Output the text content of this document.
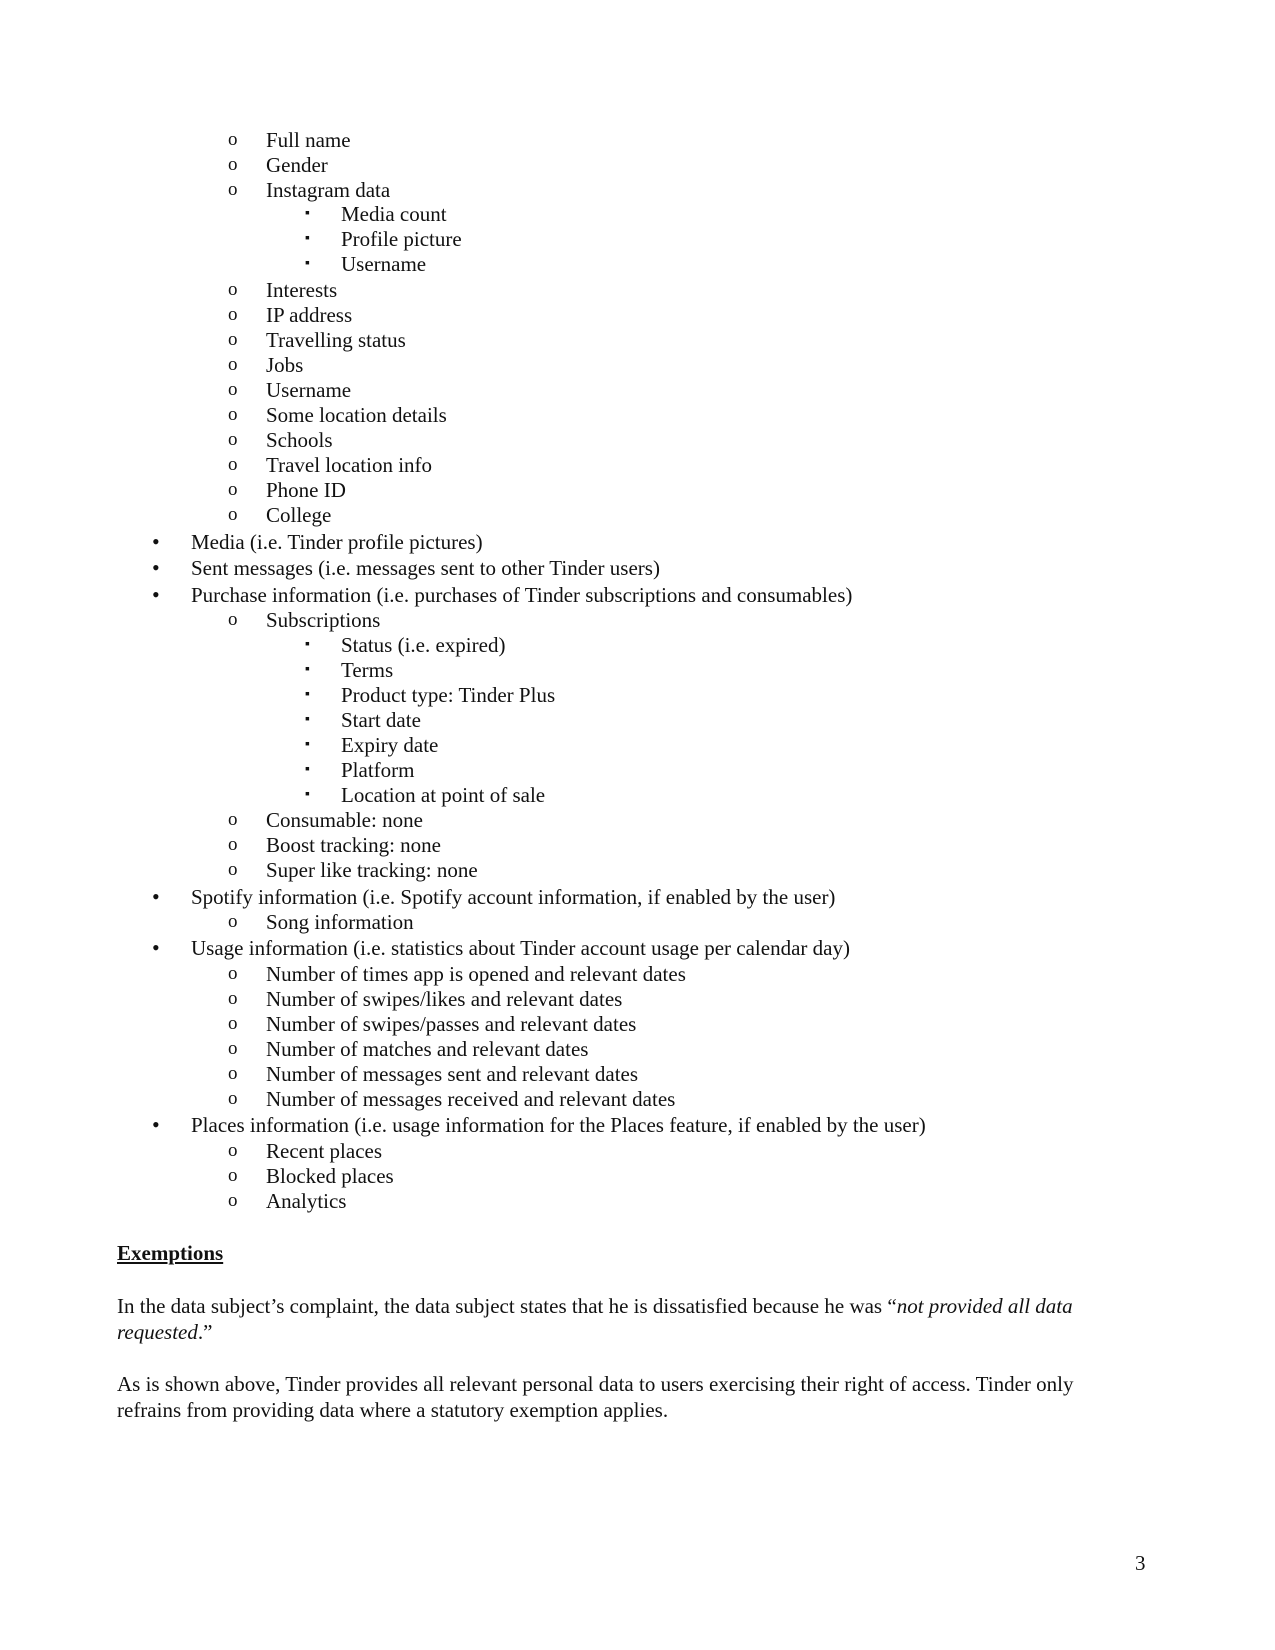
o Full name
o Gender
o Instagram data
▪ Media count
▪ Profile picture
▪ Username
o Interests
o IP address
o Travelling status
o Jobs
o Username
o Some location details
o Schools
o Travel location info
o Phone ID
o College
• Media (i.e. Tinder profile pictures)
• Sent messages (i.e. messages sent to other Tinder users)
• Purchase information (i.e. purchases of Tinder subscriptions and consumables)
o Subscriptions
▪ Status (i.e. expired)
▪ Terms
▪ Product type: Tinder Plus
▪ Start date
▪ Expiry date
▪ Platform
▪ Location at point of sale
o Consumable: none
o Boost tracking: none
o Super like tracking: none
• Spotify information (i.e. Spotify account information, if enabled by the user)
o Song information
• Usage information (i.e. statistics about Tinder account usage per calendar day)
o Number of times app is opened and relevant dates
o Number of swipes/likes and relevant dates
o Number of swipes/passes and relevant dates
o Number of matches and relevant dates
o Number of messages sent and relevant dates
o Number of messages received and relevant dates
• Places information (i.e. usage information for the Places feature, if enabled by the user)
o Recent places
o Blocked places
o Analytics
Exemptions
In the data subject’s complaint, the data subject states that he is dissatisfied because he was “not provided all data requested.”
As is shown above, Tinder provides all relevant personal data to users exercising their right of access. Tinder only refrains from providing data where a statutory exemption applies.
3
